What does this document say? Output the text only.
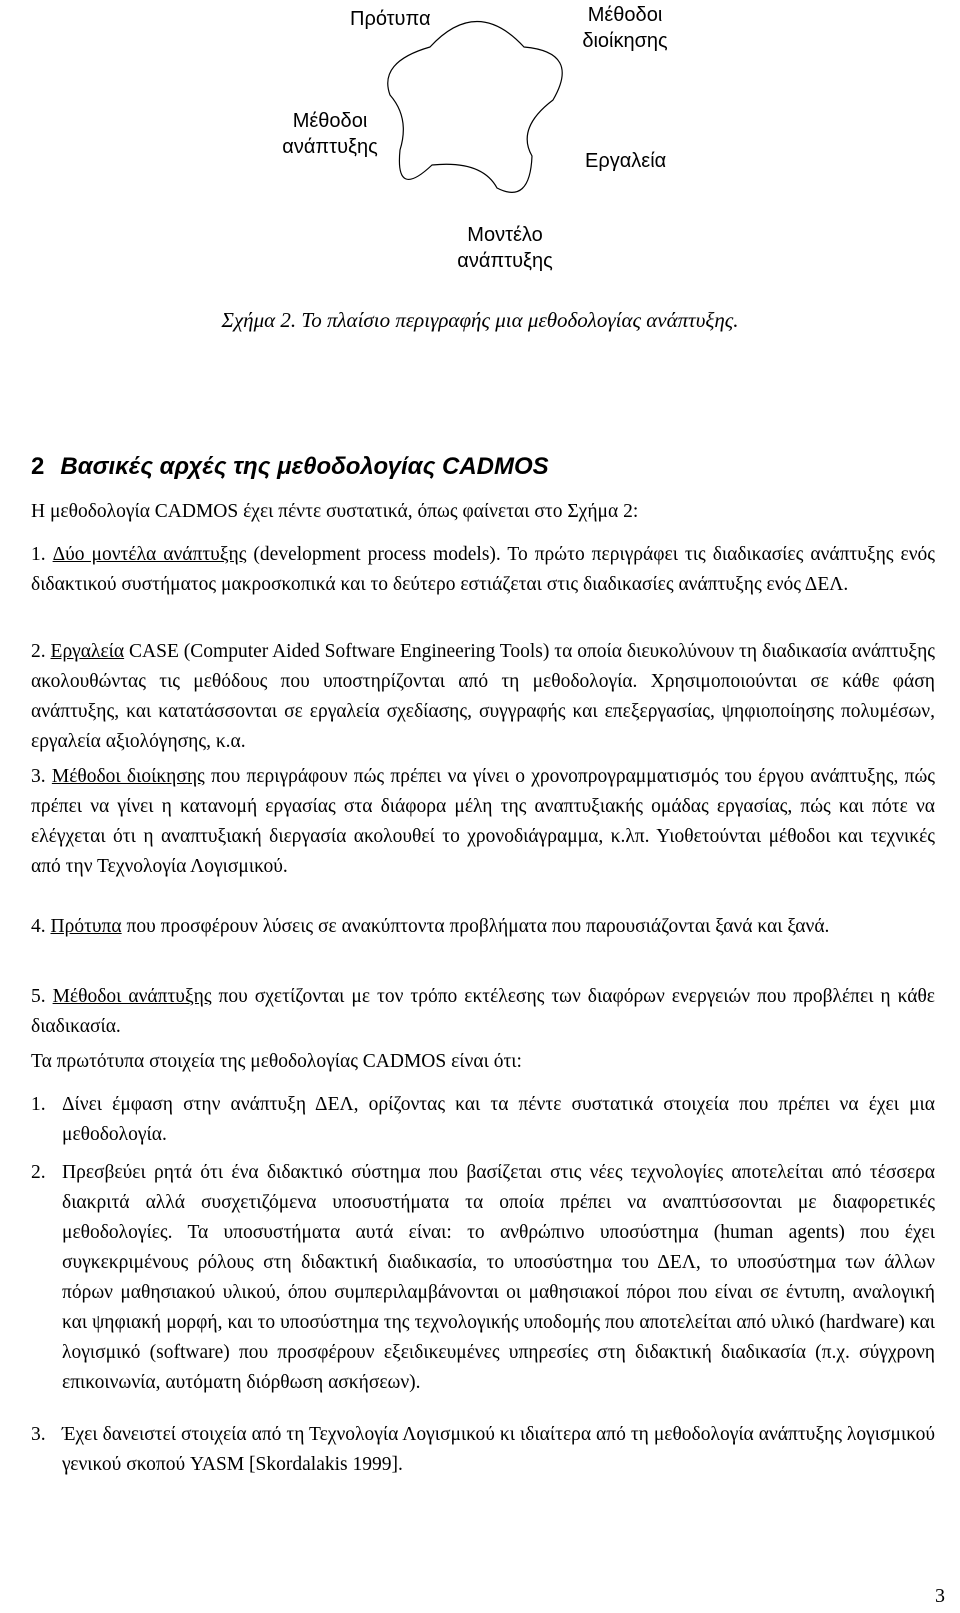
Πρότυπα	Μέθοδοι διοίκησης
Μέθοδοι ανάπτυξης
Εργαλεία
Μοντέλο ανάπτυξης
Σχήμα 2. Το πλαίσιο περιγραφής μια μεθοδολογίας ανάπτυξης.
2 Βασικές αρχές της μεθοδολογίας CADMOS
Η μεθοδολογία CADMOS έχει πέντε συστατικά, όπως φαίνεται στο Σχήμα 2:
1. Δύο μοντέλα ανάπτυξης (development process models). Το πρώτο περιγράφει τις διαδικασίες ανάπτυξης ενός διδακτικού συστήματος μακροσκοπικά και το δεύτερο εστιάζεται στις διαδικασίες ανάπτυξης ενός ΔΕΛ.
2. Εργαλεία CASE (Computer Aided Software Engineering Tools) τα οποία διευκολύνουν τη διαδικασία ανάπτυξης ακολουθώντας τις μεθόδους που υποστηρίζονται από τη μεθοδολογία. Χρησιμοποιούνται σε κάθε φάση ανάπτυξης, και κατατάσσονται σε εργαλεία σχεδίασης, συγγραφής και επεξεργασίας, ψηφιοποίησης πολυμέσων, εργαλεία αξιολόγησης, κ.α.
3. Μέθοδοι διοίκησης που περιγράφουν πώς πρέπει να γίνει ο χρονοπρογραμματισμός του έργου ανάπτυξης, πώς πρέπει να γίνει η κατανομή εργασίας στα διάφορα μέλη της αναπτυξιακής ομάδας εργασίας, πώς και πότε να ελέγχεται ότι η αναπτυξιακή διεργασία ακολουθεί το χρονοδιάγραμμα, κ.λπ. Υιοθετούνται μέθοδοι και τεχνικές από την Τεχνολογία Λογισμικού.
4. Πρότυπα που προσφέρουν λύσεις σε ανακύπτοντα προβλήματα που παρουσιάζονται ξανά και ξανά.
5. Μέθοδοι ανάπτυξης που σχετίζονται με τον τρόπο εκτέλεσης των διαφόρων ενεργειών που προβλέπει η κάθε διαδικασία.
Τα πρωτότυπα στοιχεία της μεθοδολογίας CADMOS είναι ότι:
1. Δίνει έμφαση στην ανάπτυξη ΔΕΛ, ορίζοντας και τα πέντε συστατικά στοιχεία που πρέπει να έχει μια μεθοδολογία.
2. Πρεσβεύει ρητά ότι ένα διδακτικό σύστημα που βασίζεται στις νέες τεχνολογίες αποτελείται από τέσσερα διακριτά αλλά συσχετιζόμενα υποσυστήματα τα οποία πρέπει να αναπτύσσονται με διαφορετικές μεθοδολογίες. Τα υποσυστήματα αυτά είναι: το ανθρώπινο υποσύστημα (human agents) που έχει συγκεκριμένους ρόλους στη διδακτική διαδικασία, το υποσύστημα του ΔΕΛ, το υποσύστημα των άλλων πόρων μαθησιακού υλικού, όπου συμπεριλαμβάνονται οι μαθησιακοί πόροι που είναι σε έντυπη, αναλογική και ψηφιακή μορφή, και το υποσύστημα της τεχνολογικής υποδομής που αποτελείται από υλικό (hardware) και λογισμικό (software) που προσφέρουν εξειδικευμένες υπηρεσίες στη διδακτική διαδικασία (π.χ. σύγχρονη επικοινωνία, αυτόματη διόρθωση ασκήσεων).
3. Έχει δανειστεί στοιχεία από τη Τεχνολογία Λογισμικού κι ιδιαίτερα από τη μεθοδολογία ανάπτυξης λογισμικού γενικού σκοπού YASM [Skordalakis 1999].
3
